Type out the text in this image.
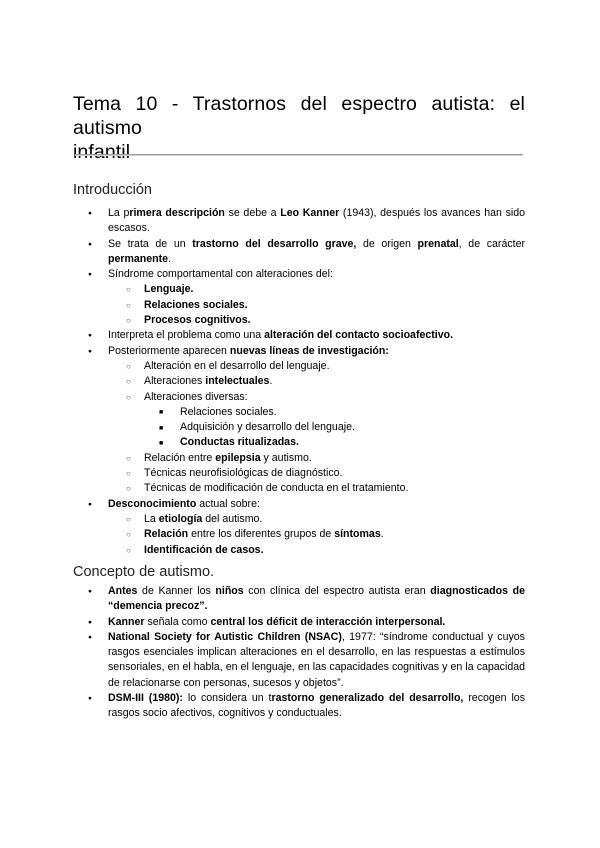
Tema 10 - Trastornos del espectro autista: el autismo
infantil
Introducción
●
La primera descripción se debe a Leo Kanner (1943), después los avances han sido escasos.
●
Se trata de un trastorno del desarrollo grave, de origen prenatal, de carácter permanente.
●
Síndrome comportamental con alteraciones del:
○
Lenguaje.
○
Relaciones sociales.
○
Procesos cognitivos.
●
Interpreta el problema como una alteración del contacto socioafectivo.
●
Posteriormente aparecen nuevas líneas de investigación:
○
Alteración en el desarrollo del lenguaje.
○
Alteraciones intelectuales.
○
Alteraciones diversas:
■
Relaciones sociales.
■
Adquisición y desarrollo del lenguaje.
■
Conductas ritualizadas.
○
Relación entre epilepsia y autismo.
○
Técnicas neurofisiológicas de diagnóstico.
○
Técnicas de modificación de conducta en el tratamiento.
●
Desconocimiento actual sobre:
○
La etiología del autismo.
○
Relación entre los diferentes grupos de síntomas.
○
Identificación de casos.
Concepto de autismo.
●
Antes de Kanner los niños con clínica del espectro autista eran diagnosticados de “demencia precoz”.
●
Kanner señala como central los déficit de interacción interpersonal.
●
National Society for Autistic Children (NSAC), 1977: “síndrome conductual y cuyos rasgos esenciales implican alteraciones en el desarrollo, en las respuestas a estímulos sensoriales, en el habla, en el lenguaje, en las capacidades cognitivas y en la capacidad de relacionarse con personas, sucesos y objetos”.
●
DSM-III (1980): lo considera un trastorno generalizado del desarrollo, recogen los rasgos socio afectivos, cognitivos y conductuales.
